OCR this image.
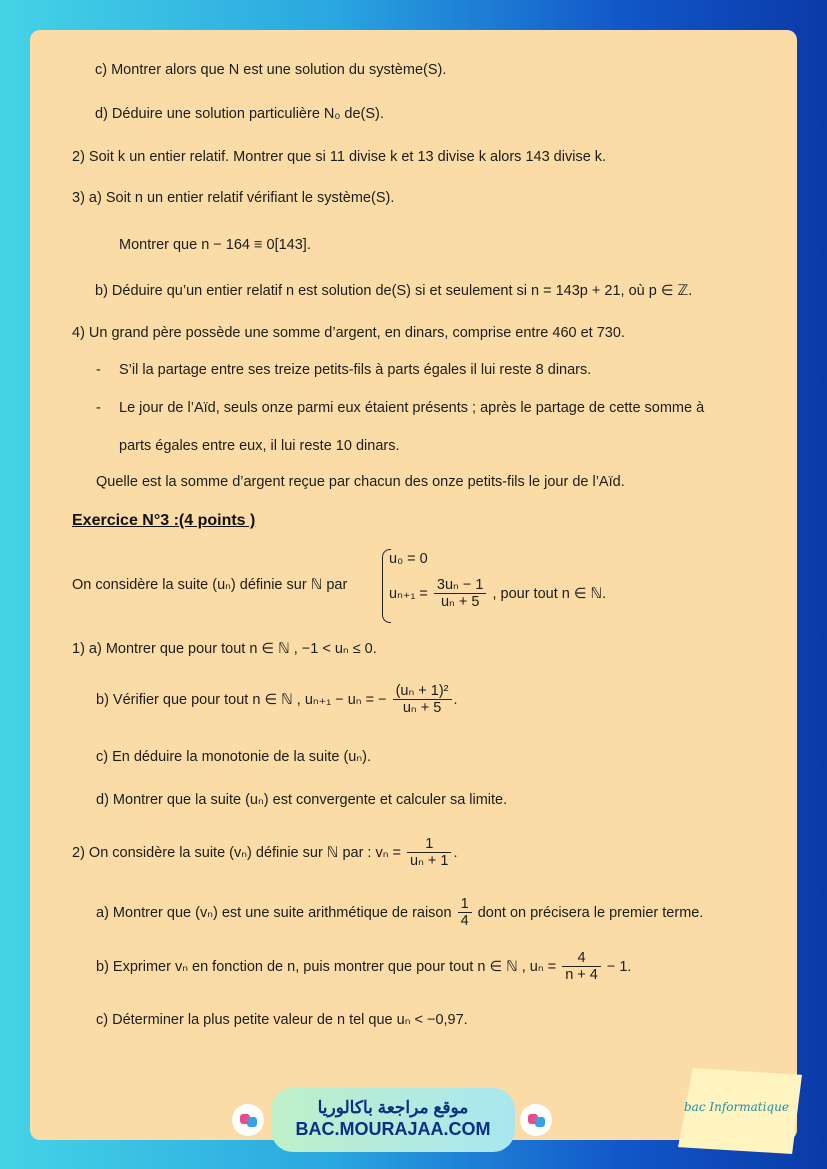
c) Montrer alors que N est une solution du système(S).
d) Déduire une solution particulière N₀ de(S).
2) Soit k un entier relatif. Montrer que si 11 divise k et 13 divise k alors 143 divise k.
3) a) Soit n un entier relatif vérifiant le système(S).
Montrer que n − 164 ≡ 0[143].
b) Déduire qu’un entier relatif n est solution de(S) si et seulement si n = 143p + 21, où p ∈ ℤ.
4) Un grand père possède une somme d’argent, en dinars, comprise entre 460 et 730.
- S’il la partage entre ses treize petits-fils à parts égales il lui reste 8 dinars.
- Le jour de l’Aïd, seuls onze parmi eux étaient présents ; après le partage de cette somme à
parts égales entre eux, il lui reste 10 dinars.
Quelle est la somme d’argent reçue par chacun des onze petits-fils le jour de l’Aïd.
Exercice N°3 :(4 points )
On considère la suite (uₙ) définie sur ℕ par
u₀ = 0
$u_{n+1} = \frac{\text{3uₙ − 1}}{\text{uₙ + 5}}$ , pour tout n ∈ ℕ.
1) a) Montrer que pour tout n ∈ ℕ , −1 < uₙ ≤ 0.
b) Vérifier que pour tout n ∈ ℕ , uₙ₊₁ − uₙ = − $\frac{\text{(uₙ + 1)²}}{\text{uₙ + 5}}$ .
c) En déduire la monotonie de la suite (uₙ).
d) Montrer que la suite (uₙ) est convergente et calculer sa limite.
2) On considère la suite (vₙ) définie sur ℕ par : $v_n = \frac{1}{\text{uₙ + 1}}$ .
a) Montrer que (vₙ) est une suite arithmétique de raison $\frac{1}{4}$ dont on précisera le premier terme.
b) Exprimer vₙ en fonction de n, puis montrer que pour tout n ∈ ℕ , $u_n = \frac{4}{n + 4} - 1$.
c) Déterminer la plus petite valeur de n tel que uₙ < −0,97.
موقع مراجعة باكالوريا
BAC.MOURAJAA.COM
bac Informatique
